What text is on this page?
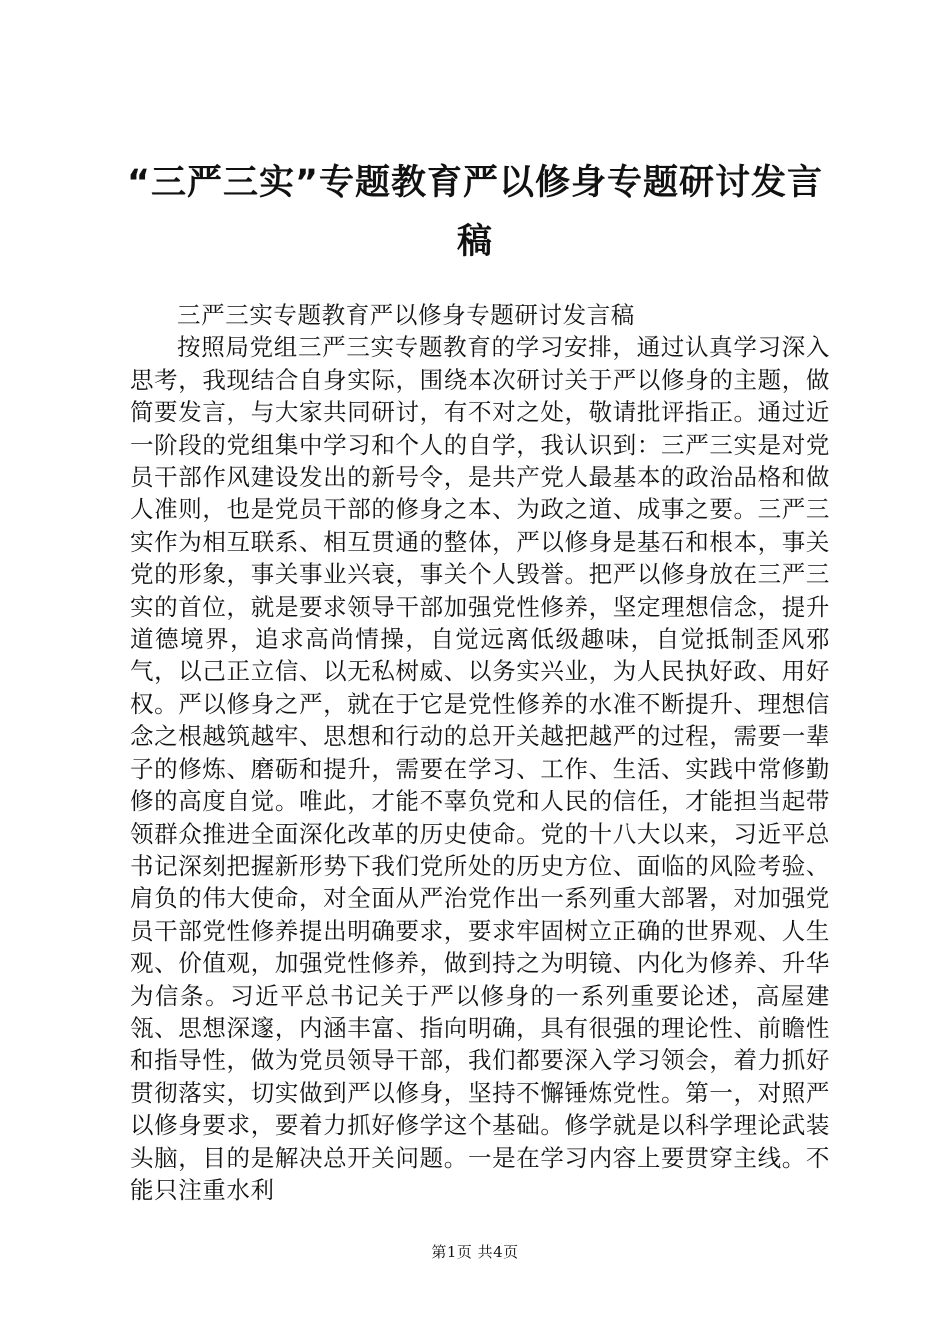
“三严三实”专题教育严以修身专题研讨发言
稿

三严三实专题教育严以修身专题研讨发言稿

按照局党组三严三实专题教育的学习安排，通过认真学习深入思考，我现结合自身实际，围绕本次研讨关于严以修身的主题，做简要发言，与大家共同研讨，有不对之处，敬请批评指正。通过近一阶段的党组集中学习和个人的自学，我认识到：三严三实是对党员干部作风建设发出的新号令，是共产党人最基本的政治品格和做人准则，也是党员干部的修身之本、为政之道、成事之要。三严三实作为相互联系、相互贯通的整体，严以修身是基石和根本，事关党的形象，事关事业兴衰，事关个人毁誉。把严以修身放在三严三实的首位，就是要求领导干部加强党性修养，坚定理想信念，提升道德境界，追求高尚情操，自觉远离低级趣味，自觉抵制歪风邪气，以己正立信、以无私树威、以务实兴业，为人民执好政、用好权。严以修身之严，就在于它是党性修养的水准不断提升、理想信念之根越筑越牢、思想和行动的总开关越把越严的过程，需要一辈子的修炼、磨砺和提升，需要在学习、工作、生活、实践中常修勤修的高度自觉。唯此，才能不辜负党和人民的信任，才能担当起带领群众推进全面深化改革的历史使命。党的十八大以来，习近平总书记深刻把握新形势下我们党所处的历史方位、面临的风险考验、肩负的伟大使命，对全面从严治党作出一系列重大部署，对加强党员干部党性修养提出明确要求，要求牢固树立正确的世界观、人生观、价值观，加强党性修养，做到持之为明镜、内化为修养、升华为信条。习近平总书记关于严以修身的一系列重要论述，高屋建瓴、思想深邃，内涵丰富、指向明确，具有很强的理论性、前瞻性和指导性，做为党员领导干部，我们都要深入学习领会，着力抓好贯彻落实，切实做到严以修身，坚持不懈锤炼党性。第一，对照严以修身要求，要着力抓好修学这个基础。修学就是以科学理论武装头脑，目的是解决总开关问题。一是在学习内容上要贯穿主线。不能只注重水利

第1页 共4页
